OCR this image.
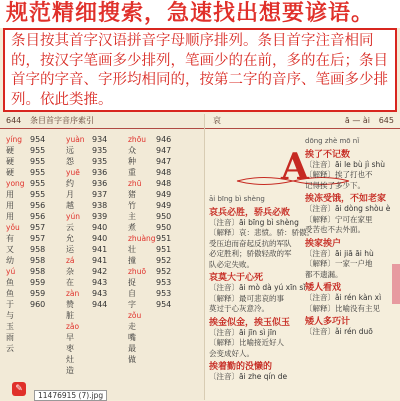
规范精细搜索，急速找出想要谚语。
条目按其首字汉语拼音字母顺序排列。条目首字注音相同的，按汉字笔画多少排列，笔画少的在前，多的在后；条目首字的字音、字形均相同的，按第二字的音序、笔画多少排列。依此类推。
644 条目首字音序索引
yíng
硬
硬
硬
yong
用
用
用
yǒu
有
又
幼
yú
鱼
鱼
于
与
玉
雨
云
954
955
955
955
955
955
956
956
957
957
958
958
958
959
959
960
yuàn
远
怨
yuē
约
月
越
yún
云
允
运
zá
杂
在
zàn
赞
脏
zǎo
早
枣
灶
造
934
935
935
936
936
937
938
939
940
940
941
941
942
943
943
944
zhōu
众
种
重
zhū
猪
竹
主
煮
zhuàng
壮
撞
zhuō
捉
自
字
zǒu
走
嘴
最
做
946
947
947
948
948
949
949
950
950
951
951
952
952
953
953
954
✎
11476915 (7).jpg
哀	ā — ài 645
A
āi bīng bì shèng
哀兵必胜，骄兵必败
〔注音〕āi bīng bì shèng
〔解释〕哀：悲愤。骄：骄傲。
受压迫而奋起反抗的军队
必定胜利；骄傲轻敌的军
队必定失败。
哀莫大于心死
〔注音〕āi mò dà yú xīn sǐ
〔解释〕最可悲哀的事
莫过于心灰意冷。
挨金似金，挨玉似玉
〔注音〕āi jīn sì jīn
〔解释〕比喻接近好人
会变成好人。
挨着勤的没懒的
〔注音〕āi zhe qín de
dōng zhè mō nǐ
挨了不记数
〔注音〕āi le bù jì shù
〔解释〕挨了打也不
记得挨了多少下。
挨冻受饿，不如老家
〔注音〕āi dòng shòu è
〔解释〕宁可在家里
受苦也不去外面。
挨家挨户
〔注音〕āi jiā āi hù
〔解释〕一家一户地
都不遗漏。
矮人看戏
〔注音〕ǎi rén kàn xì
〔解释〕比喻没有主见
矮人多巧计
〔注音〕ǎi rén duō
